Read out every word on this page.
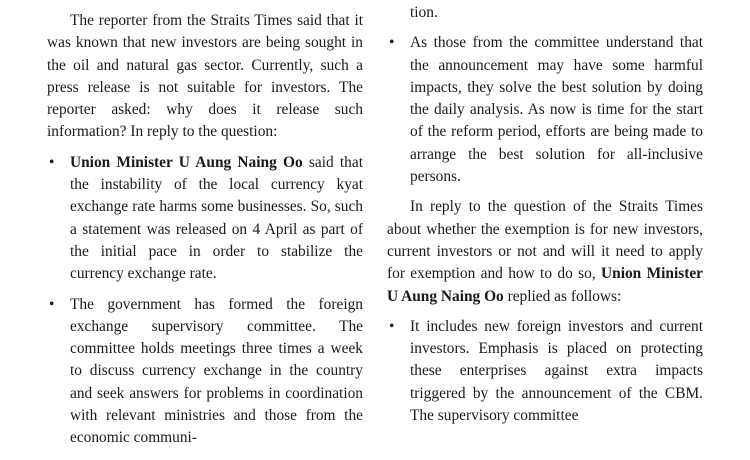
The reporter from the Straits Times said that it was known that new investors are being sought in the oil and natural gas sector. Currently, such a press release is not suitable for investors. The reporter asked: why does it release such information? In reply to the question:

• Union Minister U Aung Naing Oo said that the instability of the local currency kyat exchange rate harms some businesses. So, such a statement was released on 4 April as part of the initial pace in order to stabilize the currency exchange rate.
• The government has formed the foreign exchange supervisory committee. The committee holds meetings three times a week to discuss currency exchange in the country and seek answers for problems in coordination with relevant ministries and those from the economic communi-

tion.

• As those from the committee understand that the announcement may have some harmful impacts, they solve the best solution by doing the daily analysis. As now is time for the start of the reform period, efforts are being made to arrange the best solution for all-inclusive persons.

In reply to the question of the Straits Times about whether the exemption is for new investors, current investors or not and will it need to apply for exemption and how to do so, Union Minister U Aung Naing Oo replied as follows:

• It includes new foreign investors and current investors. Emphasis is placed on protecting these enterprises against extra impacts triggered by the announcement of the CBM. The supervisory committee
